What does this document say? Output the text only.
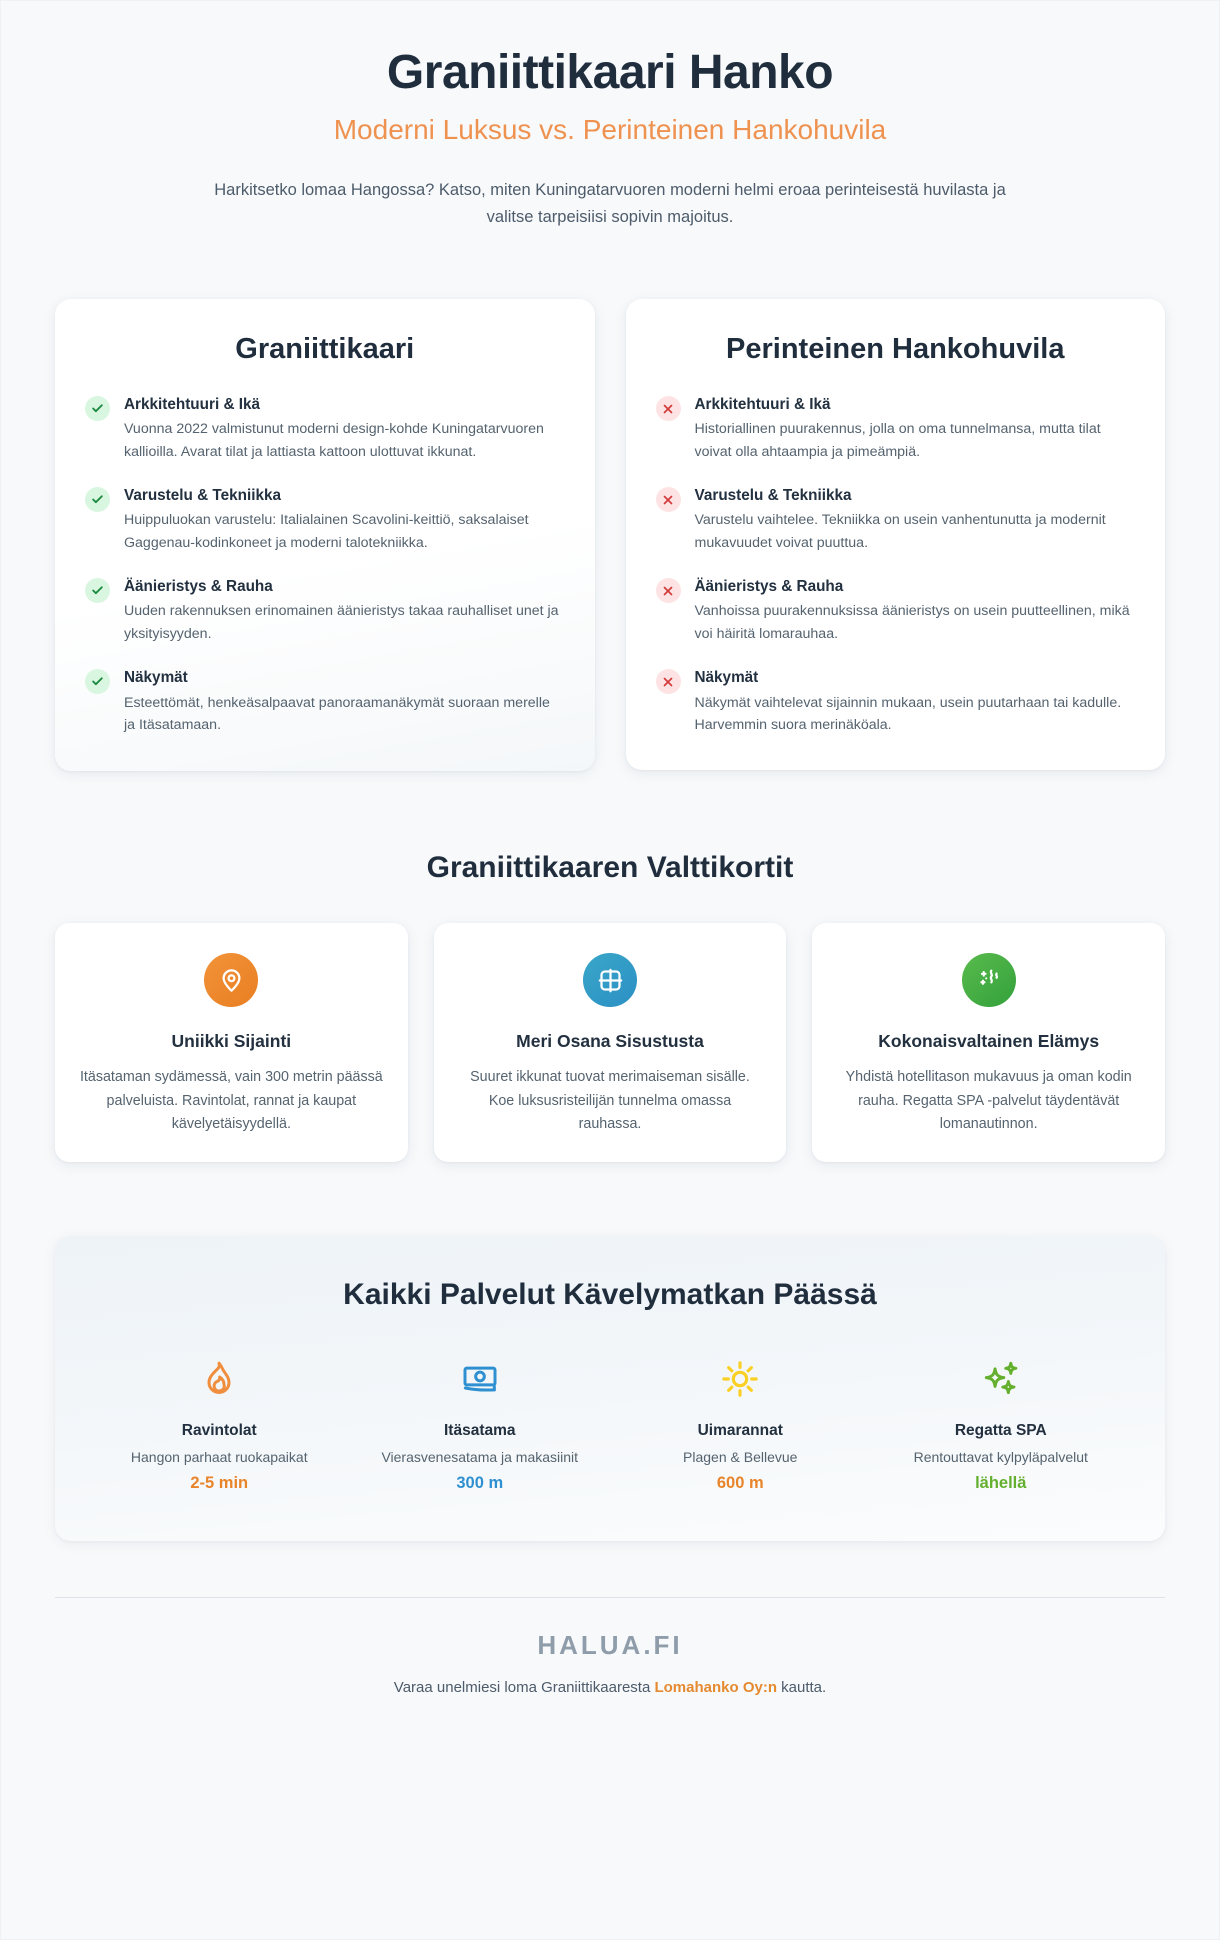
Graniittikaari Hanko
Moderni Luksus vs. Perinteinen Hankohuvila

Harkitsetko lomaa Hangossa? Katso, miten Kuningatarvuoren moderni helmi eroaa perinteisestä huvilasta ja valitse tarpeisiisi sopivin majoitus.

Graniittikaari
Arkkitehtuuri & Ikä
Vuonna 2022 valmistunut moderni design-kohde Kuningatarvuoren kallioilla. Avarat tilat ja lattiasta kattoon ulottuvat ikkunat.
Varustelu & Tekniikka
Huippuluokan varustelu: Italialainen Scavolini-keittiö, saksalaiset Gaggenau-kodinkoneet ja moderni talotekniikka.
Äänieristys & Rauha
Uuden rakennuksen erinomainen äänieristys takaa rauhalliset unet ja yksityisyyden.
Näkymät
Esteettömät, henkeäsalpaavat panoraamanäkymät suoraan merelle ja Itäsatamaan.
Perinteinen Hankohuvila
Arkkitehtuuri & Ikä
Historiallinen puurakennus, jolla on oma tunnelmansa, mutta tilat voivat olla ahtaampia ja pimeämpiä.
Varustelu & Tekniikka
Varustelu vaihtelee. Tekniikka on usein vanhentunutta ja modernit mukavuudet voivat puuttua.
Äänieristys & Rauha
Vanhoissa puurakennuksissa äänieristys on usein puutteellinen, mikä voi häiritä lomarauhaa.
Näkymät
Näkymät vaihtelevat sijainnin mukaan, usein puutarhaan tai kadulle. Harvemmin suora merinäköala.
Graniittikaaren Valttikortit
Uniikki Sijainti
Itäsataman sydämessä, vain 300 metrin päässä palveluista. Ravintolat, rannat ja kaupat kävelyetäisyydellä.
Meri Osana Sisustusta
Suuret ikkunat tuovat merimaiseman sisälle. Koe luksusristeilijän tunnelma omassa rauhassa.
Kokonaisvaltainen Elämys
Yhdistä hotellitason mukavuus ja oman kodin rauha. Regatta SPA -palvelut täydentävät lomanautinnon.
Kaikki Palvelut Kävelymatkan Päässä
Ravintolat
Hangon parhaat ruokapaikat
2-5 min
Itäsatama
Vierasvenesatama ja makasiinit
300 m
Uimarannat
Plagen & Bellevue
600 m
Regatta SPA
Rentouttavat kylpyläpalvelut
lähellä
HALUA.FI
Varaa unelmiesi loma Graniittikaaresta Lomahanko Oy:n kautta.
